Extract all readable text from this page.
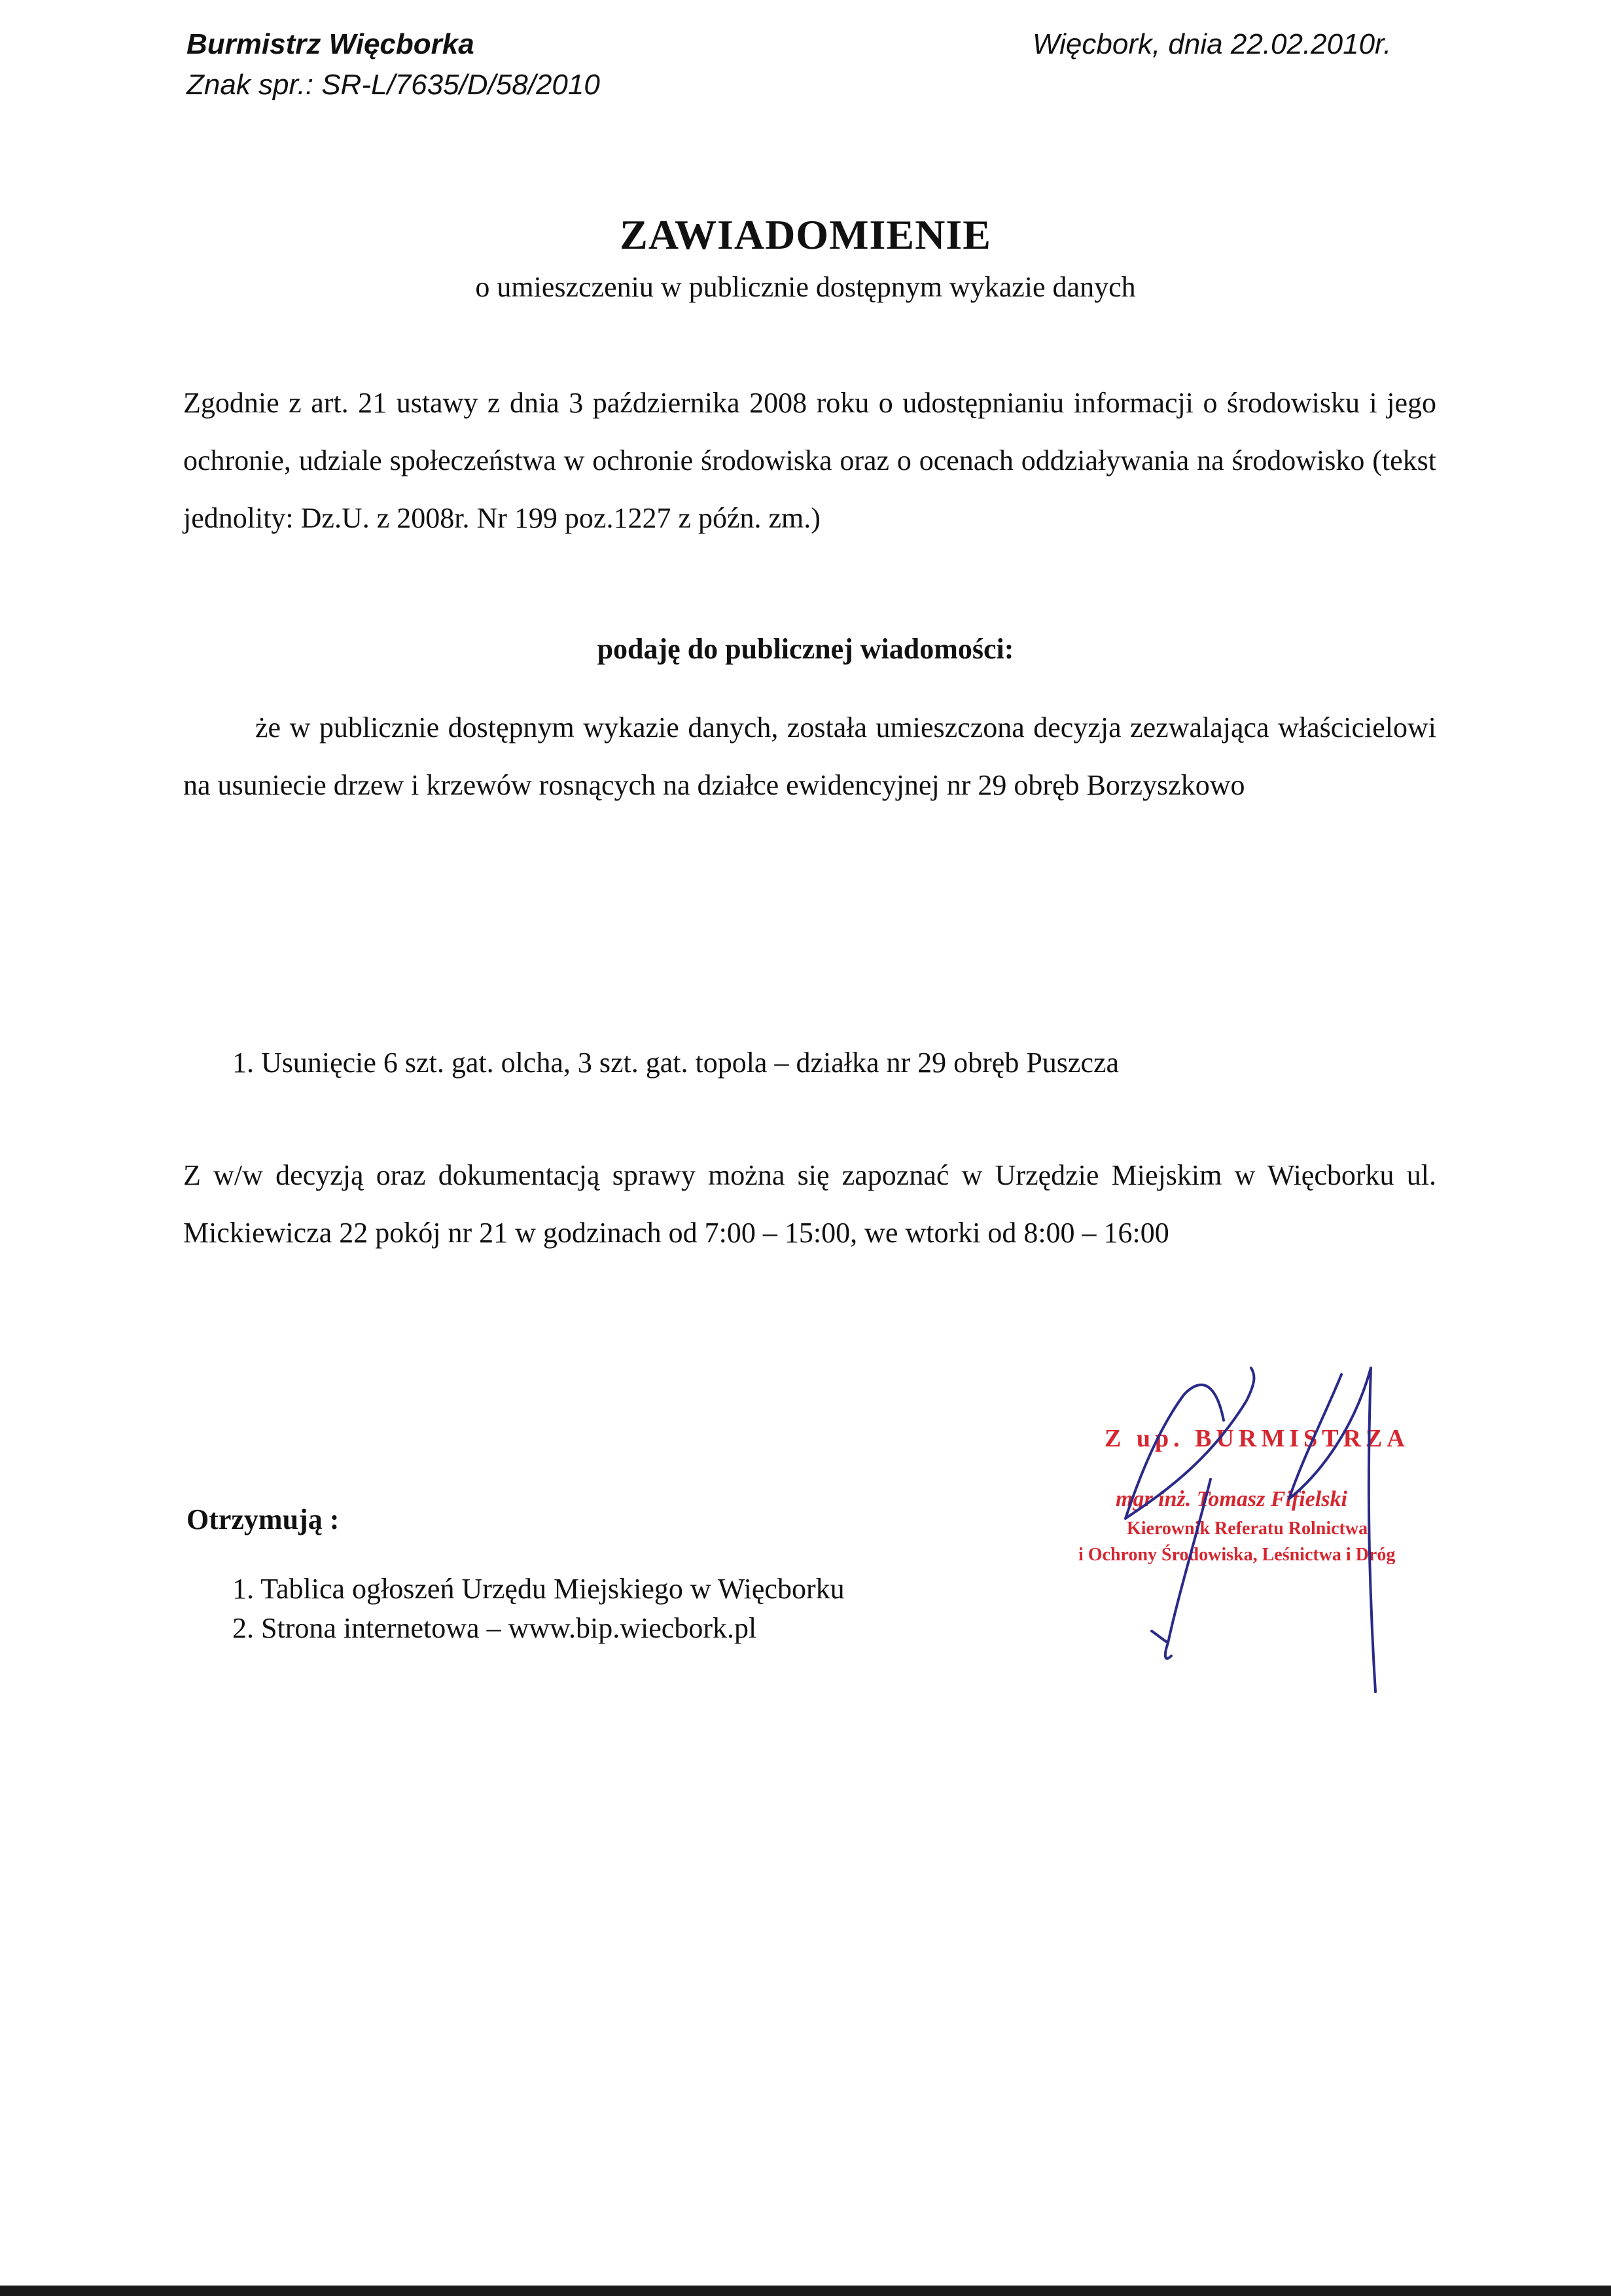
Burmistrz Więcborka
Znak spr.: SR-L/7635/D/58/2010
Więcbork, dnia 22.02.2010r.
ZAWIADOMIENIE
o umieszczeniu w publicznie dostępnym wykazie danych
Zgodnie z art. 21 ustawy z dnia 3 października 2008 roku o udostępnianiu informacji o środowisku i jego ochronie, udziale społeczeństwa w ochronie środowiska oraz o ocenach oddziaływania na środowisko (tekst jednolity: Dz.U. z 2008r. Nr 199 poz.1227 z późn. zm.)
podaję do publicznej wiadomości:
że w publicznie dostępnym wykazie danych, została umieszczona decyzja zezwalająca właścicielowi na usuniecie drzew i krzewów rosnących na działce ewidencyjnej nr 29 obręb Borzyszkowo
1. Usunięcie 6 szt. gat. olcha, 3 szt. gat. topola – działka nr 29 obręb Puszcza
Z w/w decyzją oraz dokumentacją sprawy można się zapoznać w Urzędzie Miejskim w Więcborku ul. Mickiewicza 22 pokój nr 21 w godzinach od 7:00 – 15:00, we wtorki od 8:00 – 16:00
Otrzymują :
1. Tablica ogłoszeń Urzędu Miejskiego w Więcborku
2. Strona internetowa – www.bip.wiecbork.pl
Z up. BURMISTRZA
mgr inż. Tomasz Fifielski
Kierownik Referatu Rolnictwa
i Ochrony Środowiska, Leśnictwa i Dróg
